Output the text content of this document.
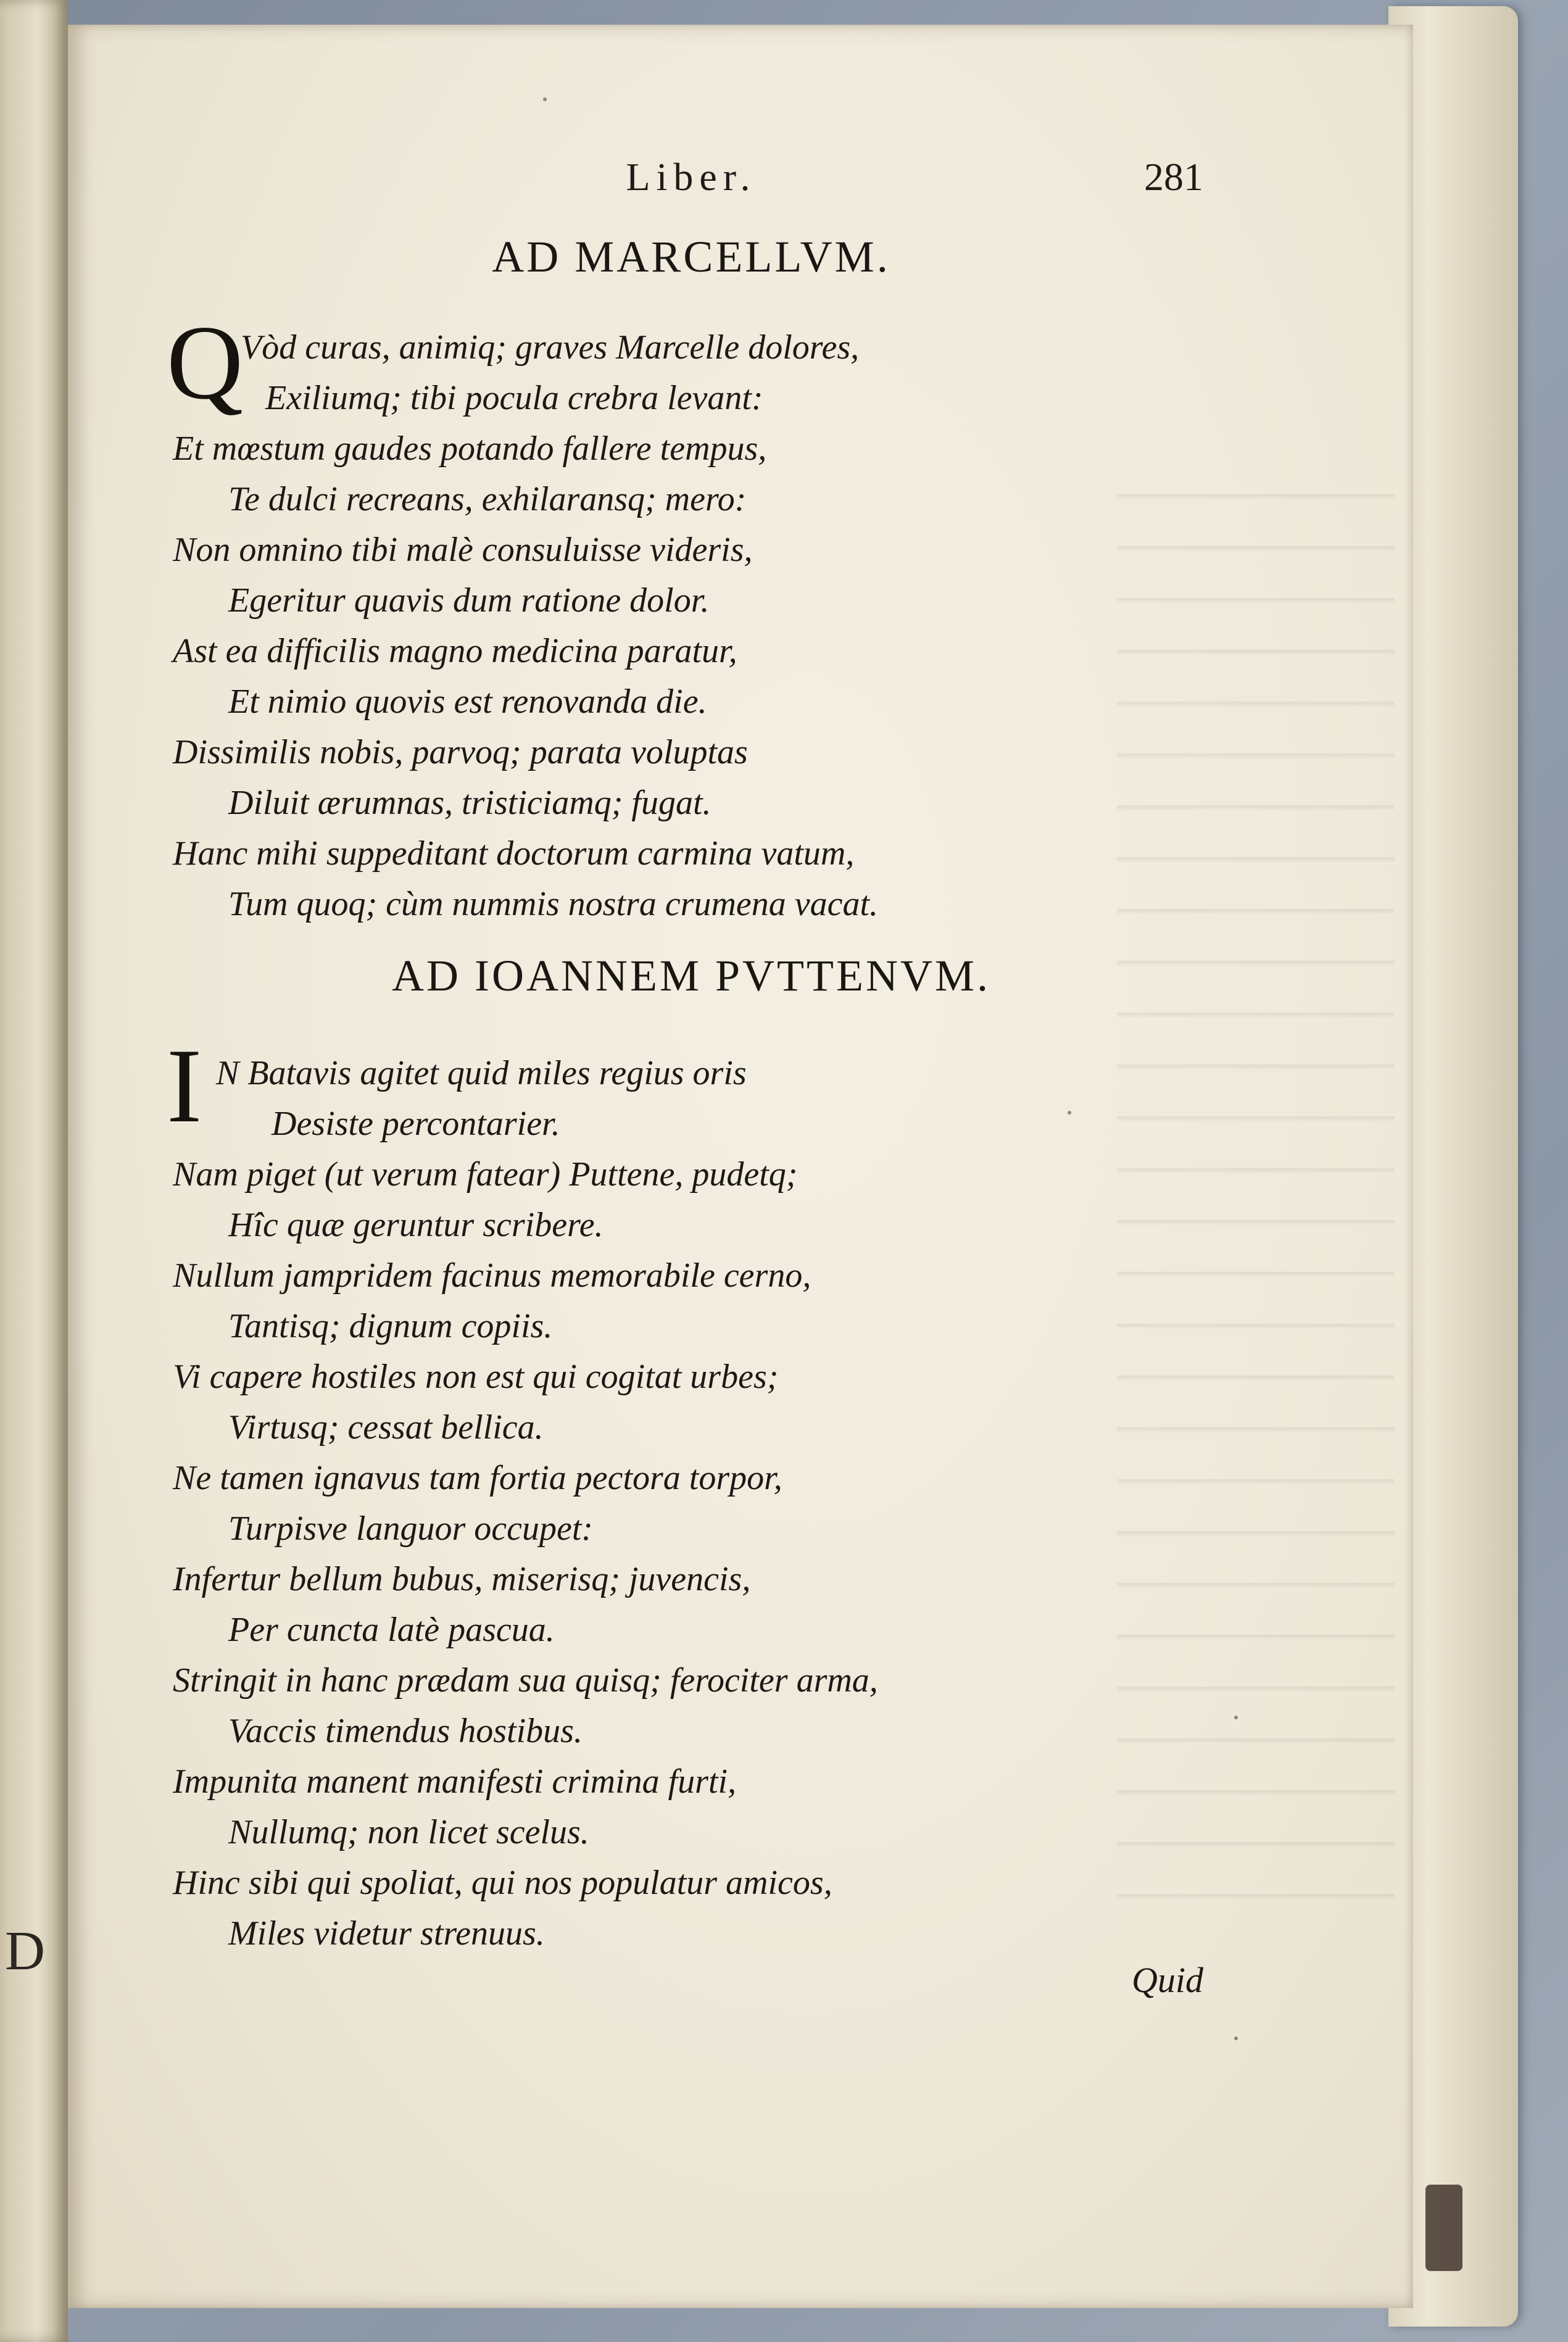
D
Liber.	281
AD MARCELLVM.
Q
Vòd curas, animiq; graves Marcelle dolores,
Exiliumq; tibi pocula crebra levant:
Et mœstum gaudes potando fallere tempus,
Te dulci recreans, exhilaransq; mero:
Non omnino tibi malè consuluisse videris,
Egeritur quavis dum ratione dolor.
Ast ea difficilis magno medicina paratur,
Et nimio quovis est renovanda die.
Dissimilis nobis, parvoq; parata voluptas
Diluit ærumnas, tristiciamq; fugat.
Hanc mihi suppeditant doctorum carmina vatum,
Tum quoq; cùm nummis nostra crumena vacat.
AD IOANNEM PVTTENVM.
I N Batavis agitet quid miles regius oris
Desiste percontarier.
Nam piget (ut verum fatear) Puttene, pudetq;
Hîc quæ geruntur scribere.
Nullum jampridem facinus memorabile cerno,
Tantisq; dignum copiis.
Vi capere hostiles non est qui cogitat urbes;
Virtusq; cessat bellica.
Ne tamen ignavus tam fortia pectora torpor,
Turpisve languor occupet:
Infertur bellum bubus, miserisq; juvencis,
Per cuncta latè pascua.
Stringit in hanc prædam sua quisq; ferociter arma,
Vaccis timendus hostibus.
Impunita manent manifesti crimina furti,
Nullumq; non licet scelus.
Hinc sibi qui spoliat, qui nos populatur amicos,
Miles videtur strenuus.
Quid
